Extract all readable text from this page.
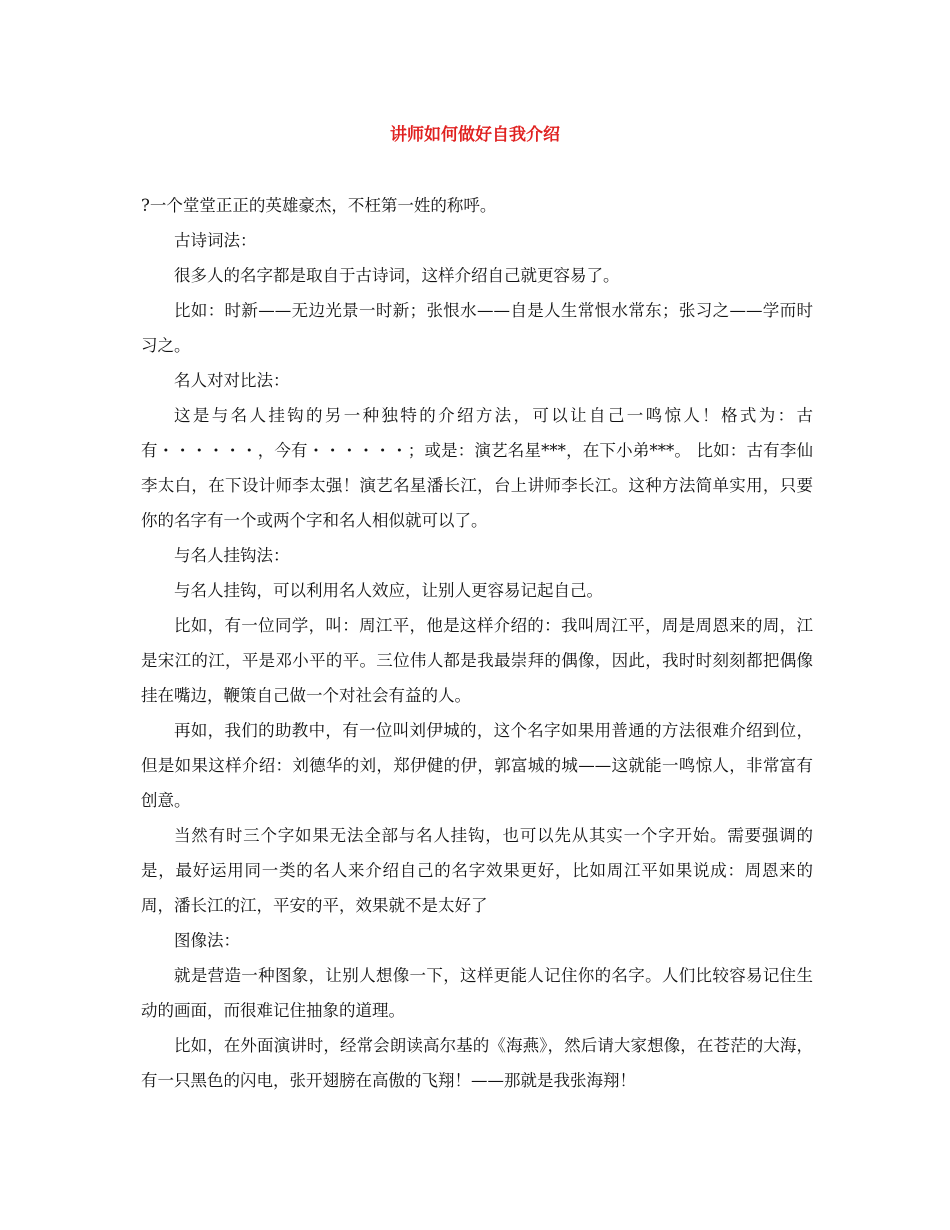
讲师如何做好自我介绍

?一个堂堂正正的英雄豪杰，不枉第一姓的称呼。

古诗词法：

很多人的名字都是取自于古诗词，这样介绍自己就更容易了。

比如：时新——无边光景一时新；张恨水——自是人生常恨水常东；张习之——学而时习之。

名人对对比法：

这是与名人挂钩的另一种独特的介绍方法，可以让自己一鸣惊人！格式为：古有・・・・・・，今有・・・・・・；或是：演艺名星***，在下小弟***。 比如：古有李仙李太白，在下设计师李太强！演艺名星潘长江，台上讲师李长江。这种方法简单实用，只要你的名字有一个或两个字和名人相似就可以了。

与名人挂钩法：

与名人挂钩，可以利用名人效应，让别人更容易记起自己。

比如，有一位同学，叫：周江平，他是这样介绍的：我叫周江平，周是周恩来的周，江是宋江的江，平是邓小平的平。三位伟人都是我最崇拜的偶像，因此，我时时刻刻都把偶像挂在嘴边，鞭策自己做一个对社会有益的人。

再如，我们的助教中，有一位叫刘伊城的，这个名字如果用普通的方法很难介绍到位，但是如果这样介绍：刘德华的刘，郑伊健的伊，郭富城的城——这就能一鸣惊人，非常富有创意。

当然有时三个字如果无法全部与名人挂钩，也可以先从其实一个字开始。需要强调的是，最好运用同一类的名人来介绍自己的名字效果更好，比如周江平如果说成：周恩来的周，潘长江的江，平安的平，效果就不是太好了

图像法：

就是营造一种图象，让别人想像一下，这样更能人记住你的名字。人们比较容易记住生动的画面，而很难记住抽象的道理。

比如，在外面演讲时，经常会朗读高尔基的《海燕》，然后请大家想像，在苍茫的大海，有一只黑色的闪电，张开翅膀在高傲的飞翔！——那就是我张海翔！
